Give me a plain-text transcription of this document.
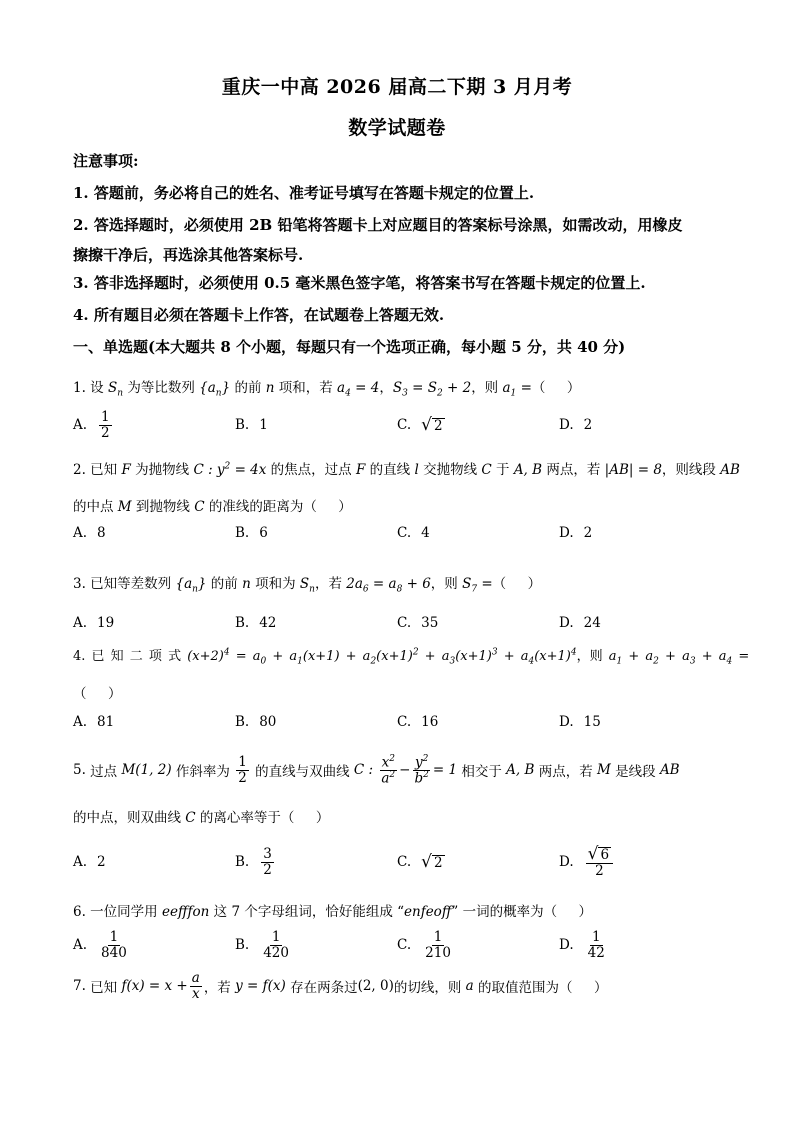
重庆一中高 2026 届高二下期 3 月月考
数学试题卷
注意事项:
1. 答题前，务必将自己的姓名、准考证号填写在答题卡规定的位置上.
2. 答选择题时，必须使用 2B 铅笔将答题卡上对应题目的答案标号涂黑，如需改动，用橡皮
擦擦干净后，再选涂其他答案标号.
3. 答非选择题时，必须使用 0.5 毫米黑色签字笔，将答案书写在答题卡规定的位置上.
4. 所有题目必须在答题卡上作答，在试题卷上答题无效.
一、单选题(本大题共 8 个小题，每题只有一个选项正确，每小题 5 分，共 40 分)
1. 设 $S_n$ 为等比数列 $\{a_n\}$ 的前 n 项和，若 $a_4 = 4$，$S_3 = S_2 + 2$，则 $a_1$ =（     ）
A. $\frac{1}{2}$	B. 1	C. √ 2	D. 2
2. 已知 F 为抛物线 C : $y^2 = 4x$ 的焦点，过点 F 的直线 l 交抛物线 C 于 A, B 两点，若 |AB| = 8，则线段 AB
的中点 M 到抛物线 C 的准线的距离为（     ）
A. 8	B. 6	C. 4	D. 2
3. 已知等差数列 $\{a_n\}$ 的前 n 项和为 $S_n$，若 $2a_6 = a_8 + 6$，则 $S_7$ =（     ）
A. 19	B. 42	C. 35	D. 24
4. 已 知 二 项 式 $(x+2)^4 = a_0 + a_1(x+1) + a_2(x+1)^2 + a_3(x+1)^3 + a_4(x+1)^4$，则 $a_1 + a_2 + a_3 + a_4$ =
（     ）
A. 81	B. 80	C. 16	D. 15
5. 过点 M(1, 2) 作斜率为 $\frac{1}{2}$ 的直线与双曲线 C :
$\frac{x^2}{a^2} - \frac{y^2}{b^2} = 1$ 相交于 A, B 两点，若 M 是线段 AB
的中点，则双曲线 C 的离心率等于（     ）
A. 2	B. $\frac{3}{2}$	C. √ 2	D. $\frac{√ 6}{2}$
6. 一位同学用 eefffon 这 7 个字母组词，恰好能组成 “enfeoff” 一词的概率为（     ）
A. $\frac{1}{840}$	B. $\frac{1}{420}$	C. $\frac{1}{210}$	D. $\frac{1}{42}$
7. 已知 $f(x) = x + \frac{a}{x}$ ，若 y = f(x) 存在两条过 (2, 0) 的切线，则 a 的取值范围为（     ）
